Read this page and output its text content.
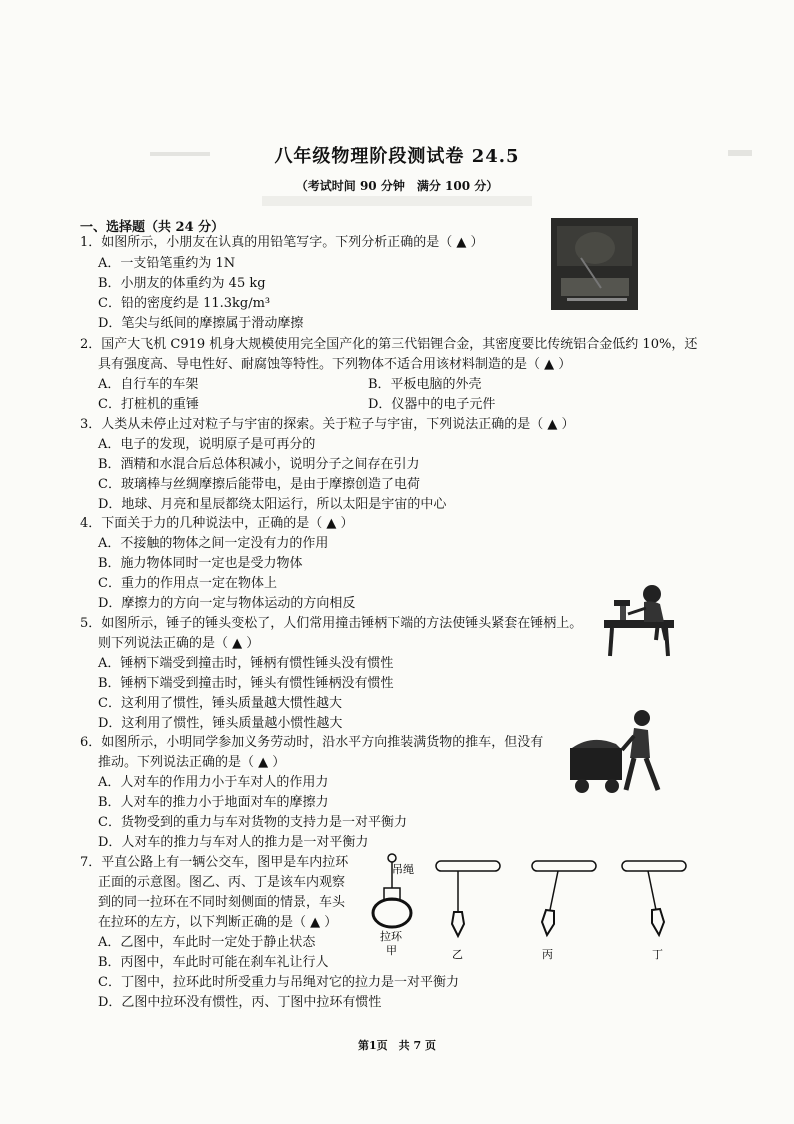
八年级物理阶段测试卷 24.5
（考试时间 90 分钟　满分 100 分）
一、选择题（共 24 分）
1．如图所示，小朋友在认真的用铅笔写字。下列分析正确的是（ ▲ ）
A．一支铅笔重约为 1N
B．小朋友的体重约为 45 kg
C．铅的密度约是 11.3kg/m³
D．笔尖与纸间的摩擦属于滑动摩擦
2．国产大飞机 C919 机身大规模使用完全国产化的第三代铝锂合金，其密度要比传统铝合金低约 10%，还
具有强度高、导电性好、耐腐蚀等特性。下列物体不适合用该材料制造的是（ ▲ ）
A．自行车的车架	B．平板电脑的外壳
C．打桩机的重锤	D．仪器中的电子元件
3．人类从未停止过对粒子与宇宙的探索。关于粒子与宇宙，下列说法正确的是（ ▲ ）
A．电子的发现，说明原子是可再分的
B．酒精和水混合后总体积减小，说明分子之间存在引力
C．玻璃棒与丝绸摩擦后能带电，是由于摩擦创造了电荷
D．地球、月亮和星辰都绕太阳运行，所以太阳是宇宙的中心
4．下面关于力的几种说法中，正确的是（ ▲ ）
A．不接触的物体之间一定没有力的作用
B．施力物体同时一定也是受力物体
C．重力的作用点一定在物体上
D．摩擦力的方向一定与物体运动的方向相反
5．如图所示，锤子的锤头变松了，人们常用撞击锤柄下端的方法使锤头紧套在锤柄上。
则下列说法正确的是（ ▲ ）
A．锤柄下端受到撞击时，锤柄有惯性锤头没有惯性
B．锤柄下端受到撞击时，锤头有惯性锤柄没有惯性
C．这利用了惯性，锤头质量越大惯性越大
D．这利用了惯性，锤头质量越小惯性越大
6．如图所示，小明同学参加义务劳动时，沿水平方向推装满货物的推车，但没有
推动。下列说法正确的是（ ▲ ）
A．人对车的作用力小于车对人的作用力
B．人对车的推力小于地面对车的摩擦力
C．货物受到的重力与车对货物的支持力是一对平衡力
D．人对车的推力与车对人的推力是一对平衡力
7．平直公路上有一辆公交车，图甲是车内拉环
正面的示意图。图乙、丙、丁是该车内观察
到的同一拉环在不同时刻侧面的情景，车头
在拉环的左方，以下判断正确的是（ ▲ ）
A．乙图中，车此时一定处于静止状态
B．丙图中，车此时可能在刹车礼让行人
C．丁图中，拉环此时所受重力与吊绳对它的拉力是一对平衡力
D．乙图中拉环没有惯性，丙、丁图中拉环有惯性
吊绳
拉环
甲	乙	丙	丁
第1页　共 7 页
